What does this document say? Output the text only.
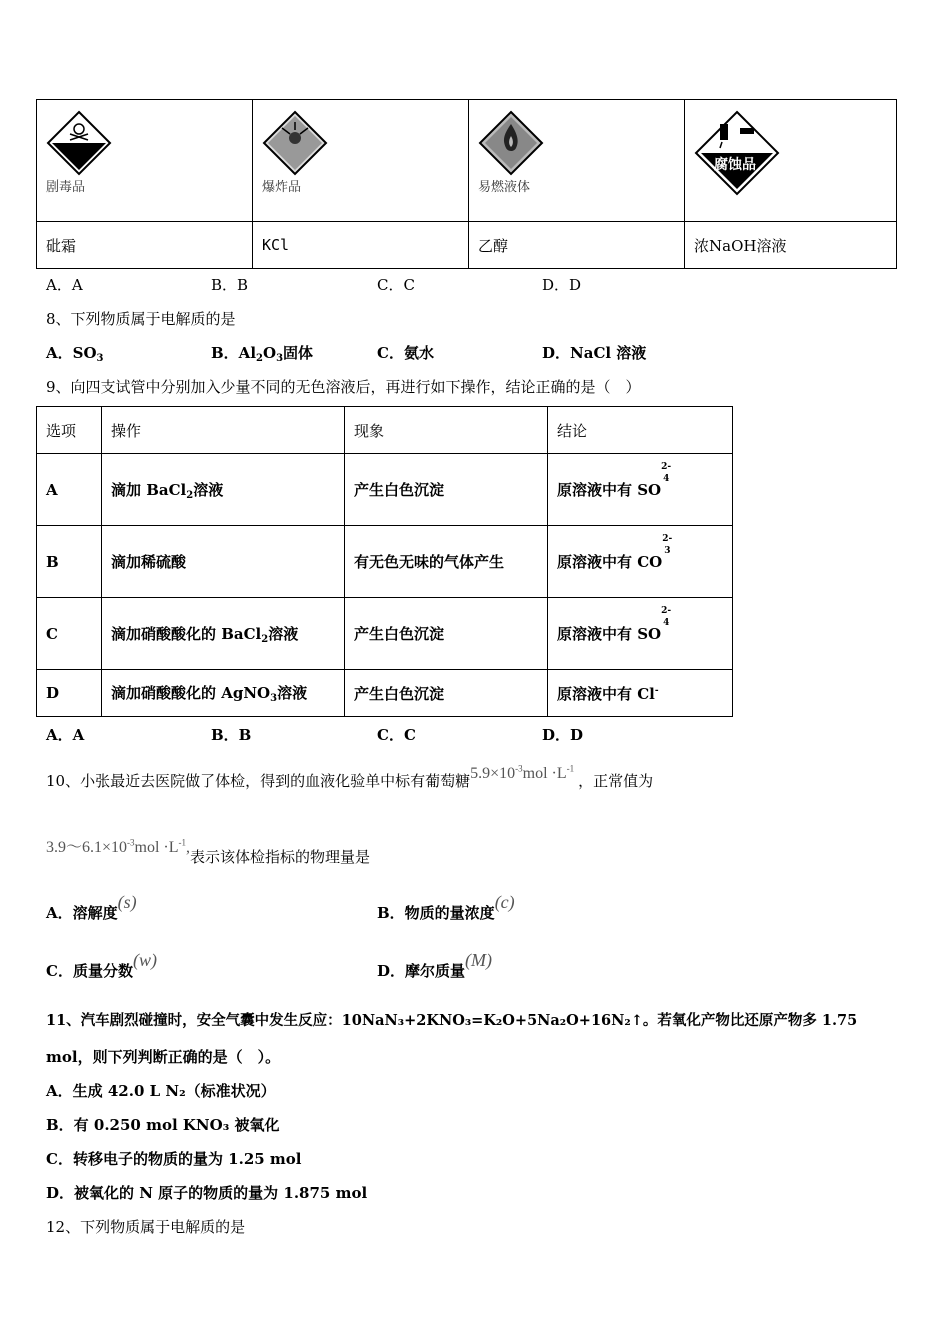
剧毒品	爆炸品	易燃液体	腐蚀品

砒霜	KCl	乙醇	浓NaOH溶液
A．A	B．B	C．C	D．D
8、下列物质属于电解质的是
A．$SO_3$	B．$Al_2O_3$固体	C．氨水	D．NaCl 溶液
9、向四支试管中分别加入少量不同的无色溶液后，再进行如下操作，结论正确的是（　）
选项	操作	现象	结论
A	滴加 BaCl$_2$溶液	产生白色沉淀	原溶液中有 SO
2-
4

B	滴加稀硫酸	有无色无味的气体产生	原溶液中有 CO
2-
3

C	滴加硝酸酸化的 BaCl$_2$溶液	产生白色沉淀	原溶液中有 SO
2-
4

D	滴加硝酸酸化的 AgNO$_3$溶液	产生白色沉淀	原溶液中有 Cl-
A．A	B．B	C．C	D．D
10、小张最近去医院做了体检，得到的血液化验单中标有葡萄糖$5.9\times 10^{-3}mol \cdot L^{-1}$，正常值为
$3.9\sim 6.1\times 10^{-3}mol \cdot L^{-1}$,表示该体检指标的物理量是
A．溶解度(s)
B．物质的量浓度(c)
C．质量分数(w)
D．摩尔质量(M)
11、汽车剧烈碰撞时，安全气囊中发生反应：10NaN₃+2KNO₃=K₂O+5Na₂O+16N₂↑。若氧化产物比还原产物多 1.75
mol，则下列判断正确的是（　）。
A．生成 42.0 L N₂（标准状况）
B．有 0.250 mol KNO₃ 被氧化
C．转移电子的物质的量为 1.25 mol
D．被氧化的 N 原子的物质的量为 1.875 mol
12、下列物质属于电解质的是
